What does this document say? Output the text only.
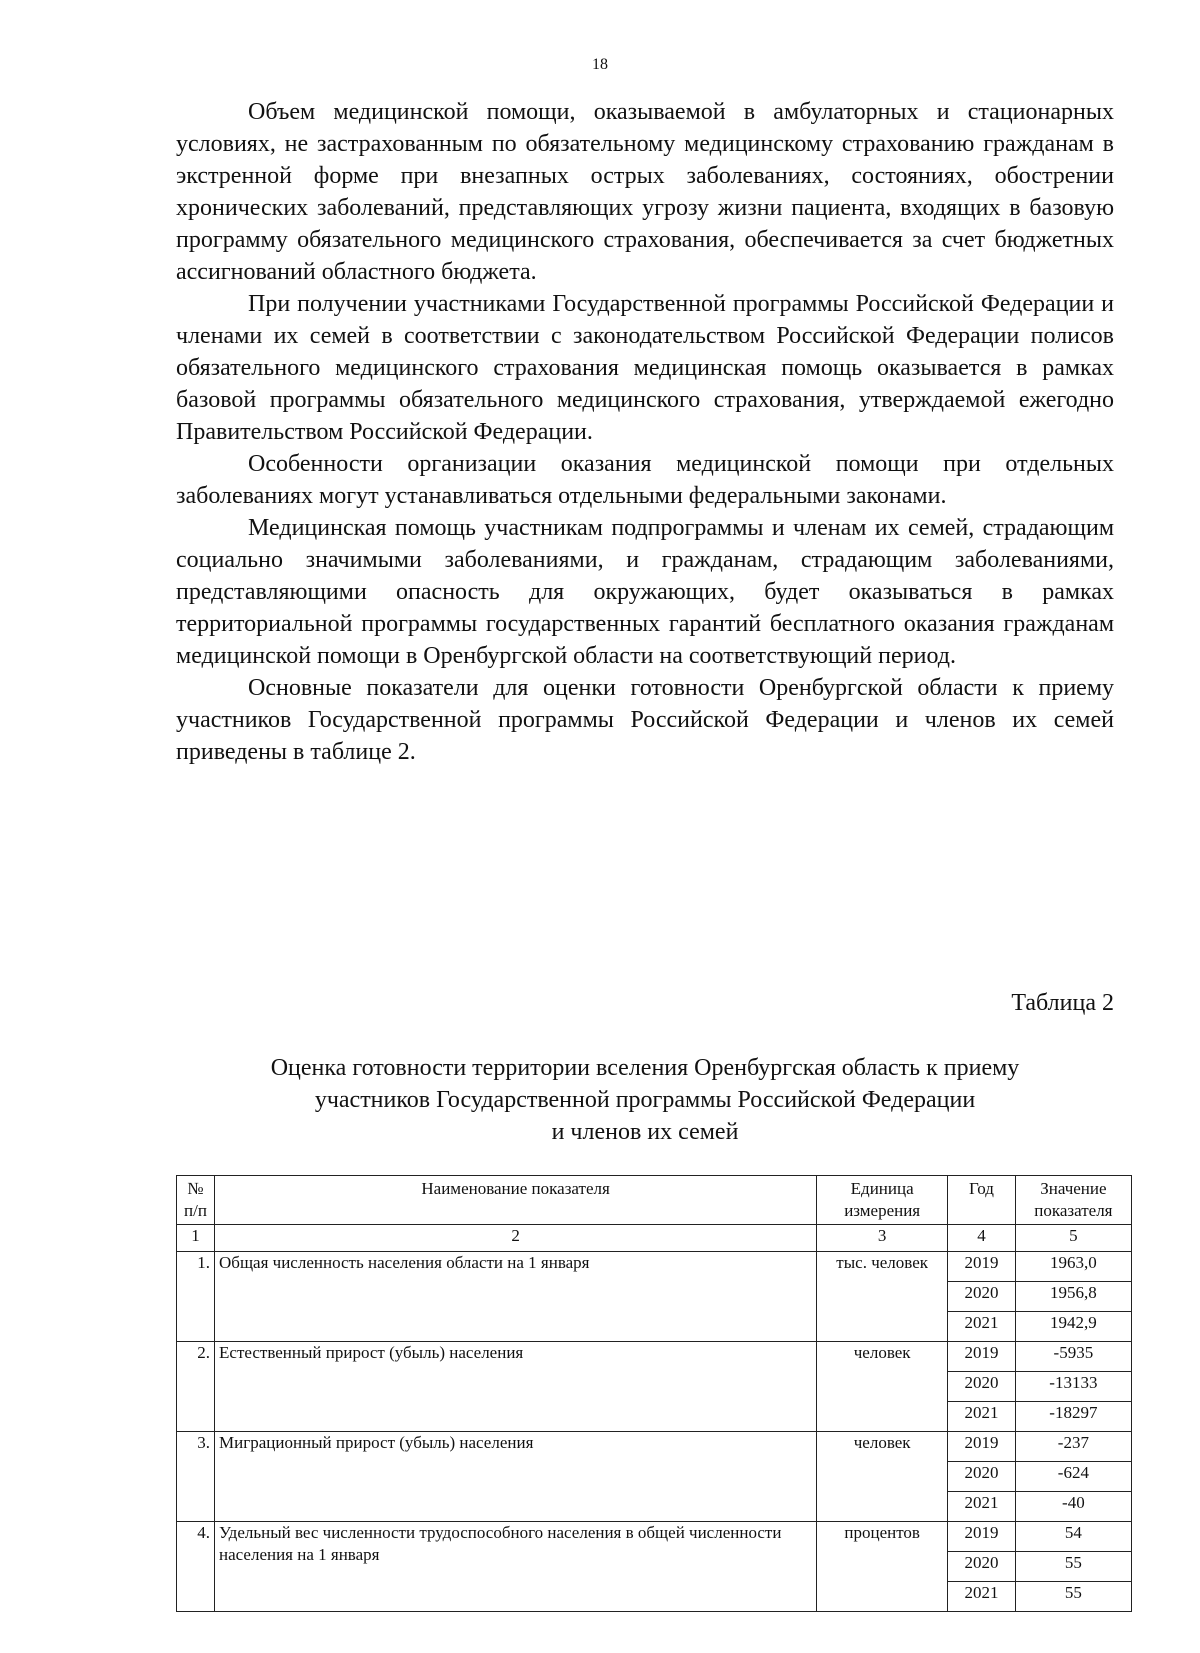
18

Объем медицинской помощи, оказываемой в амбулаторных и стационарных условиях, не застрахованным по обязательному медицинскому страхованию гражданам в экстренной форме при внезапных острых заболеваниях, состояниях, обострении хронических заболеваний, представляющих угрозу жизни пациента, входящих в базовую программу обязательного медицинского страхования, обеспечивается за счет бюджетных ассигнований областного бюджета.

При получении участниками Государственной программы Российской Федерации и членами их семей в соответствии с законодательством Российской Федерации полисов обязательного медицинского страхования медицинская помощь оказывается в рамках базовой программы обязательного медицинского страхования, утверждаемой ежегодно Правительством Российской Федерации.

Особенности организации оказания медицинской помощи при отдельных заболеваниях могут устанавливаться отдельными федеральными законами.

Медицинская помощь участникам подпрограммы и членам их семей, страдающим социально значимыми заболеваниями, и гражданам, страдающим заболеваниями, представляющими опасность для окружающих, будет оказываться в рамках территориальной программы государственных гарантий бесплатного оказания гражданам медицинской помощи в Оренбургской области на соответствующий период.

Основные показатели для оценки готовности Оренбургской области к приему участников Государственной программы Российской Федерации и членов их семей приведены в таблице 2.

Таблица 2
Оценка готовности территории вселения Оренбургская область к приему
участников Государственной программы Российской Федерации
и членов их семей
№ п/п	Наименование показателя	Единица измерения	Год	Значение показателя
1	2	3	4	5
1.	Общая численность населения области на 1 января	тыс. человек	2019	1963,0
			2020	1956,8
			2021	1942,9
2.	Естественный прирост (убыль) населения	человек	2019	-5935
			2020	-13133
			2021	-18297
3.	Миграционный прирост (убыль) населения	человек	2019	-237
			2020	-624
			2021	-40
4.	Удельный вес численности трудоспособного населения в общей численности населения на 1 января	процентов	2019	54
			2020	55
			2021	55
